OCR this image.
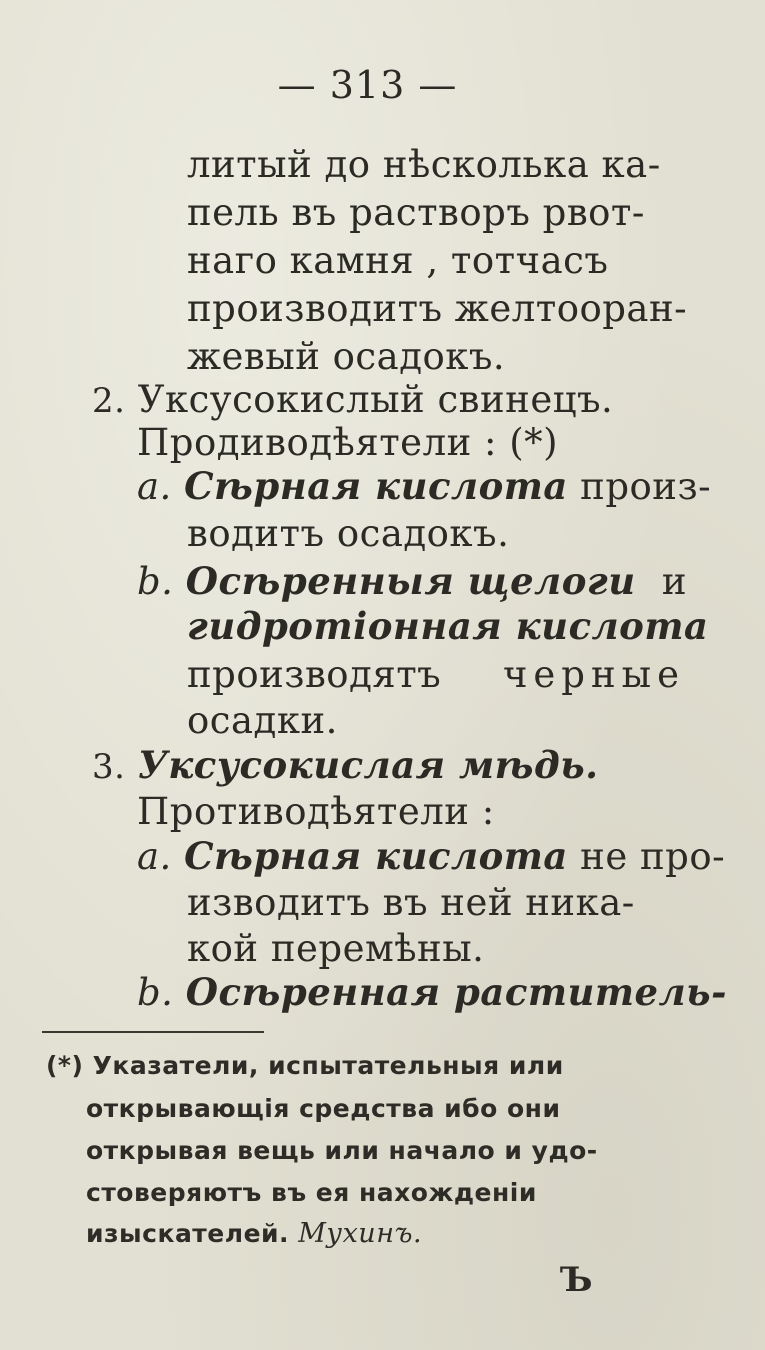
— 313 —
литый до нѣсколька ка-
пель въ растворъ рвот-
наго камня , тотчасъ
производитъ желтооран-
жевый осадокъ.
2. Уксусокислый свинецъ.
Продиводѣятели : (*)
a. Сѣрная кислота произ-
водитъ осадокъ.
b. Осѣренныя щелоги и
гидротіонная кислота
производятъ черные
осадки.
3. Уксусокислая мѣдь.
Противодѣятели :
a. Сѣрная кислота не про-
изводитъ въ ней ника-
кой перемѣны.
b. Осѣренная раститель-
(*) Указатели, испытательныя или
открывающія средства ибо они
открывая вещь или начало и удо-
стоверяютъ въ ея нахожденіи
изыскателей. Мухинъ.
Ъ
